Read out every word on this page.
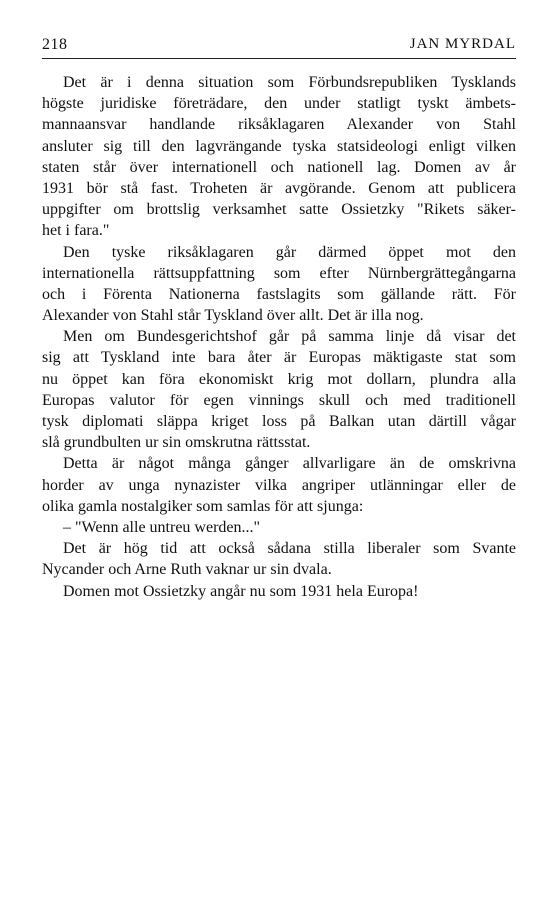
218	JAN MYRDAL
Det är i denna situation som Förbundsrepubliken Tysklands
högste juridiske företrädare, den under statligt tyskt ämbets-
mannaansvar handlande riksåklagaren Alexander von Stahl
ansluter sig till den lagvrängande tyska statsideologi enligt vilken
staten står över internationell och nationell lag. Domen av år
1931 bör stå fast. Troheten är avgörande. Genom att publicera
uppgifter om brottslig verksamhet satte Ossietzky "Rikets säker-
het i fara."
Den tyske riksåklagaren går därmed öppet mot den
internationella rättsuppfattning som efter Nürnbergrättegångarna
och i Förenta Nationerna fastslagits som gällande rätt. För
Alexander von Stahl står Tyskland över allt. Det är illa nog.
Men om Bundesgerichtshof går på samma linje då visar det
sig att Tyskland inte bara åter är Europas mäktigaste stat som
nu öppet kan föra ekonomiskt krig mot dollarn, plundra alla
Europas valutor för egen vinnings skull och med traditionell
tysk diplomati släppa kriget loss på Balkan utan därtill vågar
slå grundbulten ur sin omskrutna rättsstat.
Detta är något många gånger allvarligare än de omskrivna
horder av unga nynazister vilka angriper utlänningar eller de
olika gamla nostalgiker som samlas för att sjunga:
– "Wenn alle untreu werden..."
Det är hög tid att också sådana stilla liberaler som Svante
Nycander och Arne Ruth vaknar ur sin dvala.
Domen mot Ossietzky angår nu som 1931 hela Europa!
